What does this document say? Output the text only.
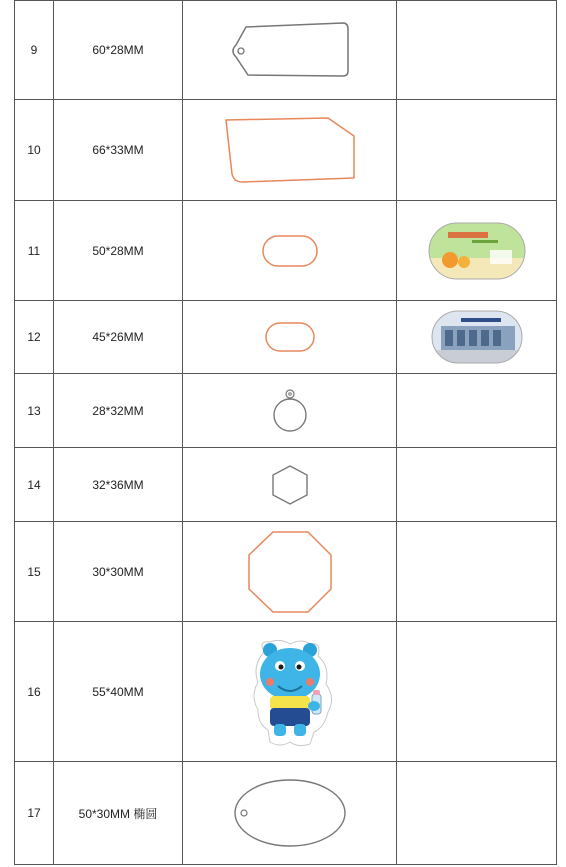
9	60*28MM	

10	66*33MM	

11	50*28MM	

12	45*26MM	

13	28*32MM	

14	32*36MM	

15	30*30MM	

16	55*40MM	

17	50*30MM 椭圆	
